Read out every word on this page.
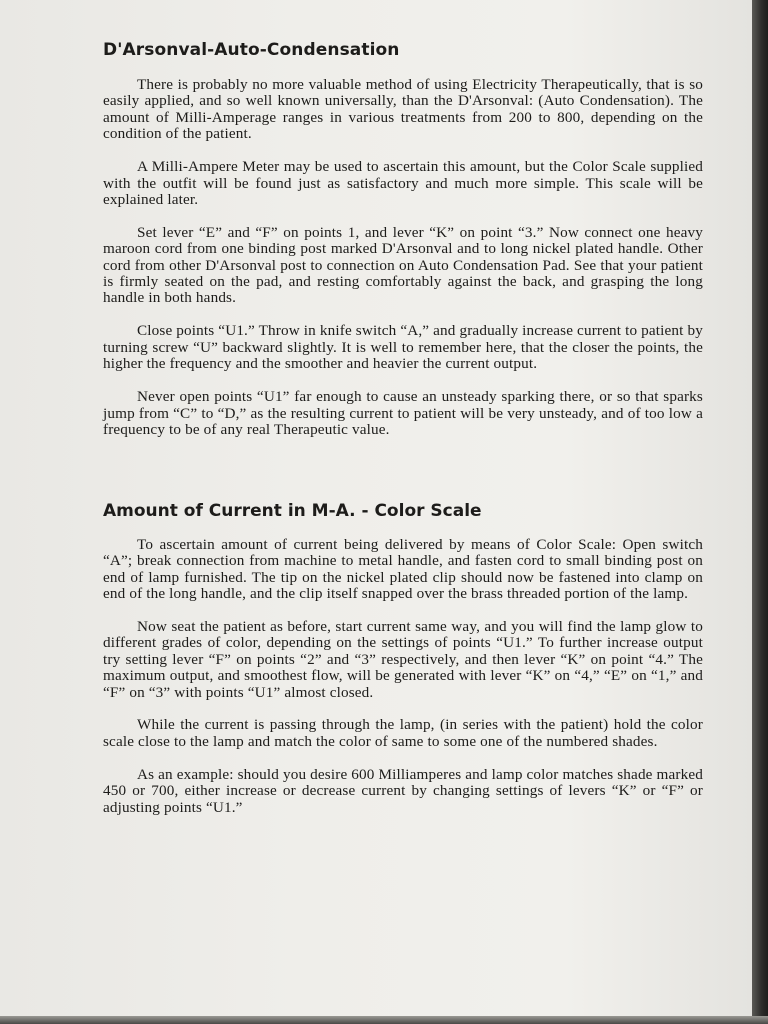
D'Arsonval-Auto-Condensation

There is probably no more valuable method of using Electricity Therapeutically, that is so easily applied, and so well known universally, than the D'Arsonval: (Auto Condensation). The amount of Milli-Amperage ranges in various treatments from 200 to 800, depending on the condition of the patient.

A Milli-Ampere Meter may be used to ascertain this amount, but the Color Scale supplied with the outfit will be found just as satisfactory and much more simple. This scale will be explained later.

Set lever “E” and “F” on points 1, and lever “K” on point “3.” Now connect one heavy maroon cord from one binding post marked D'Arsonval and to long nickel plated handle. Other cord from other D'Arsonval post to connection on Auto Condensation Pad. See that your patient is firmly seated on the pad, and resting comfortably against the back, and grasping the long handle in both hands.

Close points “U1.” Throw in knife switch “A,” and gradually increase current to patient by turning screw “U” backward slightly. It is well to remember here, that the closer the points, the higher the frequency and the smoother and heavier the current output.

Never open points “U1” far enough to cause an unsteady sparking there, or so that sparks jump from “C” to “D,” as the resulting current to patient will be very unsteady, and of too low a frequency to be of any real Therapeutic value.

Amount of Current in M-A. - Color Scale

To ascertain amount of current being delivered by means of Color Scale: Open switch “A”; break connection from machine to metal handle, and fasten cord to small binding post on end of lamp furnished. The tip on the nickel plated clip should now be fastened into clamp on end of the long handle, and the clip itself snapped over the brass threaded portion of the lamp.

Now seat the patient as before, start current same way, and you will find the lamp glow to different grades of color, depending on the settings of points “U1.” To further increase output try setting lever “F” on points “2” and “3” respectively, and then lever “K” on point “4.” The maximum output, and smoothest flow, will be generated with lever “K” on “4,” “E” on “1,” and “F” on “3” with points “U1” almost closed.

While the current is passing through the lamp, (in series with the patient) hold the color scale close to the lamp and match the color of same to some one of the numbered shades.

As an example: should you desire 600 Milliamperes and lamp color matches shade marked 450 or 700, either increase or decrease current by changing settings of levers “K” or “F” or adjusting points “U1.”
